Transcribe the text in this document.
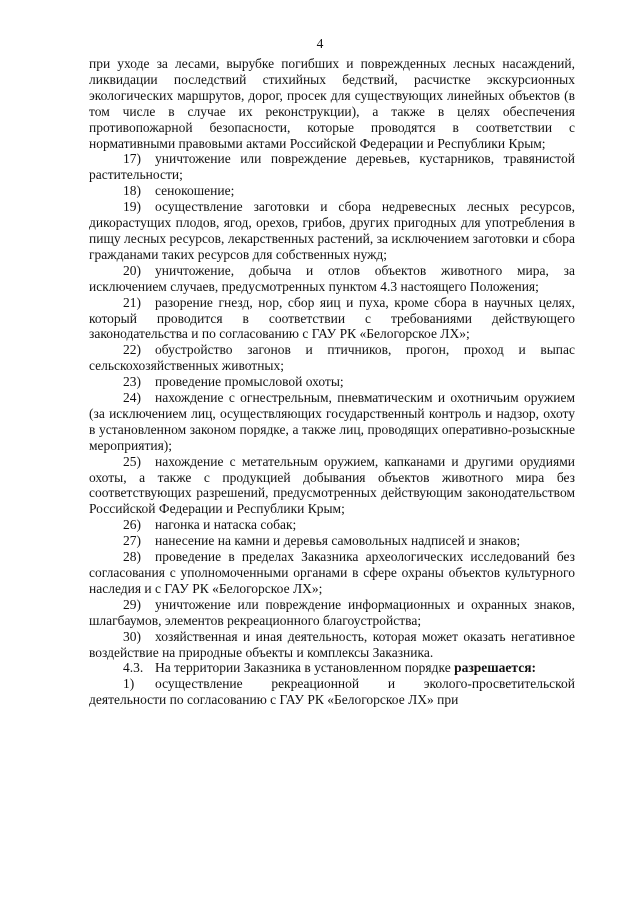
4

при уходе за лесами, вырубке погибших и поврежденных лесных насаждений, ликвидации последствий стихийных бедствий, расчистке экскурсионных экологических маршрутов, дорог, просек для существующих линейных объектов (в том числе в случае их реконструкции), а также в целях обеспечения противопожарной безопасности, которые проводятся в соответствии с нормативными правовыми актами Российской Федерации и Республики Крым;

17) уничтожение или повреждение деревьев, кустарников, травянистой растительности;

18) сенокошение;

19) осуществление заготовки и сбора недревесных лесных ресурсов, дикорастущих плодов, ягод, орехов, грибов, других пригодных для употребления в пищу лесных ресурсов, лекарственных растений, за исключением заготовки и сбора гражданами таких ресурсов для собственных нужд;

20) уничтожение, добыча и отлов объектов животного мира, за исключением случаев, предусмотренных пунктом 4.3 настоящего Положения;

21) разорение гнезд, нор, сбор яиц и пуха, кроме сбора в научных целях, который проводится в соответствии с требованиями действующего законодательства и по согласованию с ГАУ РК «Белогорское ЛХ»;

22) обустройство загонов и птичников, прогон, проход и выпас сельскохозяйственных животных;

23) проведение промысловой охоты;

24) нахождение с огнестрельным, пневматическим и охотничьим оружием (за исключением лиц, осуществляющих государственный контроль и надзор, охоту в установленном законом порядке, а также лиц, проводящих оперативно-розыскные мероприятия);

25) нахождение с метательным оружием, капканами и другими орудиями охоты, а также с продукцией добывания объектов животного мира без соответствующих разрешений, предусмотренных действующим законодательством Российской Федерации и Республики Крым;

26) нагонка и натаска собак;

27) нанесение на камни и деревья самовольных надписей и знаков;

28) проведение в пределах Заказника археологических исследований без согласования с уполномоченными органами в сфере охраны объектов культурного наследия и с ГАУ РК «Белогорское ЛХ»;

29) уничтожение или повреждение информационных и охранных знаков, шлагбаумов, элементов рекреационного благоустройства;

30) хозяйственная и иная деятельность, которая может оказать негативное воздействие на природные объекты и комплексы Заказника.

4.3. На территории Заказника в установленном порядке разрешается:

1) осуществление рекреационной и эколого-просветительской деятельности по согласованию с ГАУ РК «Белогорское ЛХ» при
